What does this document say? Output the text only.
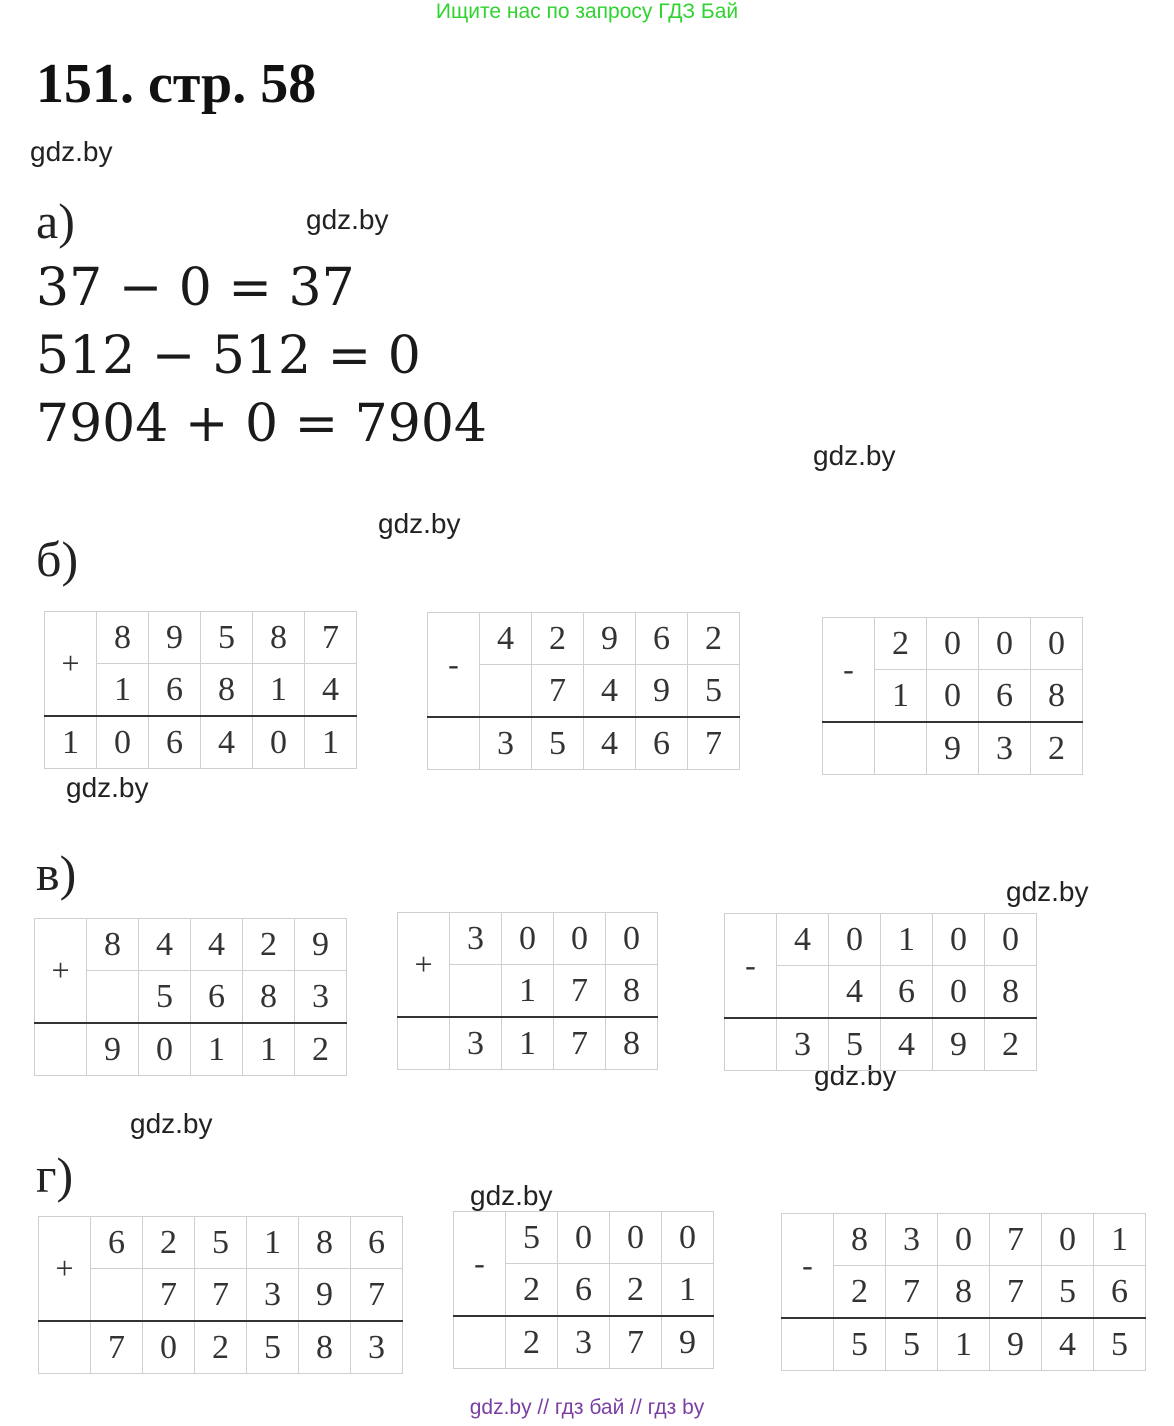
Ищите нас по запросу ГДЗ Бай
151. стр. 58
gdz.by
gdz.by
gdz.by
gdz.by
gdz.by
gdz.by
gdz.by
gdz.by
gdz.by
а)
37 − 0 = 37
512 − 512 = 0
7904 + 0 = 7904
б)
в)
г)
+	8	9	5	8	7
	1	6	8	1	4
1	0	6	4	0	1
-	4	2	9	6	2
		7	4	9	5
	3	5	4	6	7
-	2	0	0	0
	1	0	6	8
		9	3	2
+	8	4	4	2	9
		5	6	8	3
	9	0	1	1	2
+	3	0	0	0
		1	7	8
	3	1	7	8
-	4	0	1	0	0
		4	6	0	8
	3	5	4	9	2
+	6	2	5	1	8	6
		7	7	3	9	7
	7	0	2	5	8	3
-	5	0	0	0
	2	6	2	1
	2	3	7	9
-	8	3	0	7	0	1
	2	7	8	7	5	6
	5	5	1	9	4	5
gdz.by // гдз бай // гдз by
